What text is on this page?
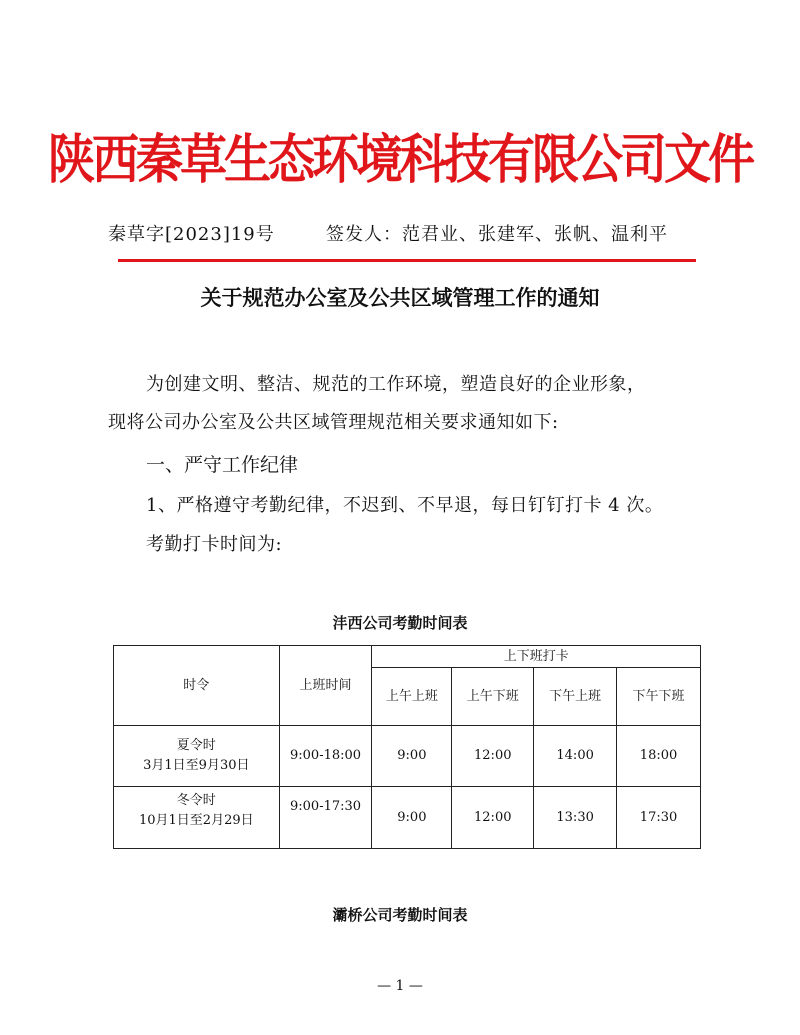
陕西秦草生态环境科技有限公司文件
秦草字[2023]19号	签发人：范君业、张建军、张帆、温利平
关于规范办公室及公共区域管理工作的通知
为创建文明、整洁、规范的工作环境，塑造良好的企业形象，
现将公司办公室及公共区域管理规范相关要求通知如下:
一、严守工作纪律
1、严格遵守考勤纪律，不迟到、不早退，每日钉钉打卡 4 次。
考勤打卡时间为:
沣西公司考勤时间表
时令	上班时间	上下班打卡			
		上午上班	上午下班	下午上班	下午下班

夏令时
3月1日至9月30日	9:00-18:00	9:00	12:00	14:00	18:00

冬令时
10月1日至2月29日	9:00-17:30	9:00	12:00	13:30	17:30
灞桥公司考勤时间表
— 1 —
